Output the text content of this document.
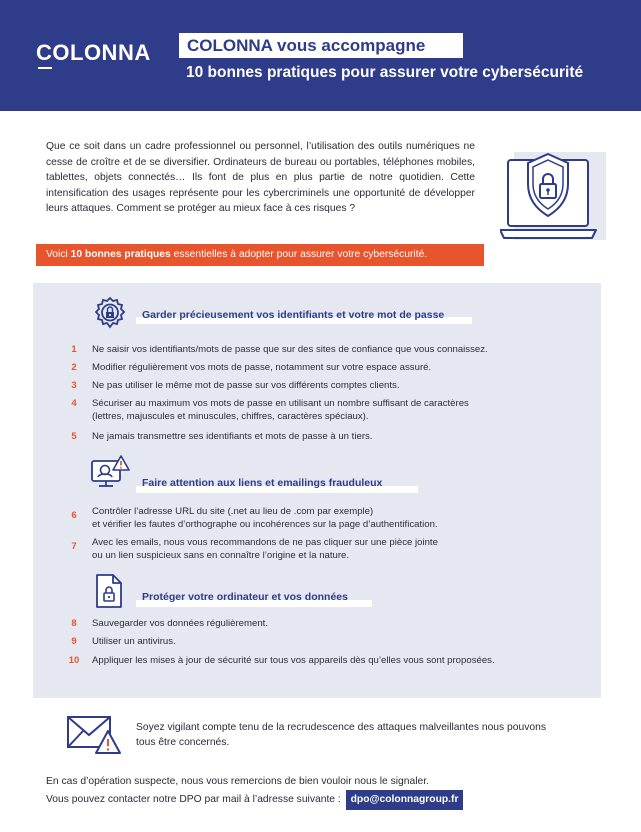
COLONNA	COLONNA vous accompagne
10 bonnes pratiques pour assurer votre cybersécurité

Que ce soit dans un cadre professionnel ou personnel, l’utilisation des outils numériques ne cesse de croître et de se diversifier. Ordinateurs de bureau ou portables, téléphones mobiles, tablettes, objets connectés… Ils font de plus en plus partie de notre quotidien. Cette intensification des usages représente pour les cybercriminels une opportunité de développer leurs attaques. Comment se protéger au mieux face à ces risques ?

Voici 10 bonnes pratiques essentielles à adopter pour assurer votre cybersécurité.
Garder précieusement vos identifiants et votre mot de passe
1	Ne saisir vos identifiants/mots de passe que sur des sites de confiance que vous connaissez.
2	Modifier régulièrement vos mots de passe, notamment sur votre espace assuré.
3	Ne pas utiliser le même mot de passe sur vos différents comptes clients.
4	Sécuriser au maximum vos mots de passe en utilisant un nombre suffisant de caractères
(lettres, majuscules et minuscules, chiffres, caractères spéciaux).
5	Ne jamais transmettre ses identifiants et mots de passe à un tiers.
Faire attention aux liens et emailings frauduleux
6	Contrôler l’adresse URL du site (.net au lieu de .com par exemple)
et vérifier les fautes d’orthographe ou incohérences sur la page d’authentification.
7	Avec les emails, nous vous recommandons de ne pas cliquer sur une pièce jointe
ou un lien suspicieux sans en connaître l’origine et la nature.
Protéger votre ordinateur et vos données
8	Sauvegarder vos données régulièrement.
9	Utiliser un antivirus.
10 Appliquer les mises à jour de sécurité sur tous vos appareils dès qu’elles vous sont proposées.

Soyez vigilant compte tenu de la recrudescence des attaques malveillantes nous pouvons tous être concernés.

En cas d’opération suspecte, nous vous remercions de bien vouloir nous le signaler.
Vous pouvez contacter notre DPO par mail à l’adresse suivante : dpo@colonnagroup.fr
